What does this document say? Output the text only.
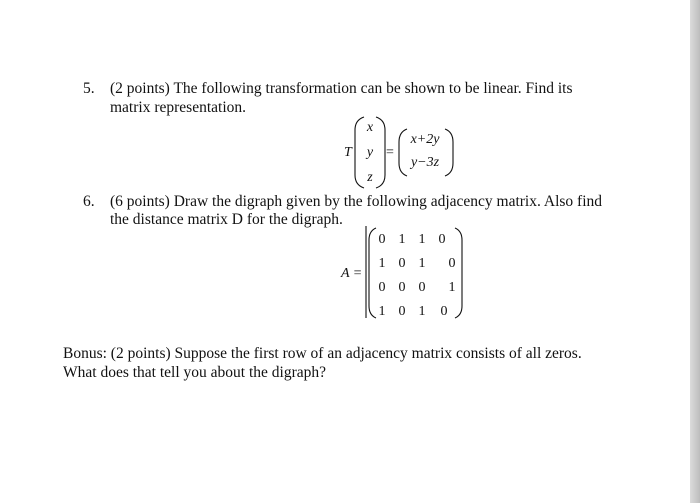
5. (2 points) The following transformation can be shown to be linear. Find its
matrix representation.
T
x
y
z
=
x+2y
y−3z
6. (6 points) Draw the digraph given by the following adjacency matrix. Also find
the distance matrix D for the digraph.
A =
0 1 1 0
1 0 1 0
0 0 0 1
1 0 1 0
Bonus: (2 points) Suppose the first row of an adjacency matrix consists of all zeros.
What does that tell you about the digraph?
